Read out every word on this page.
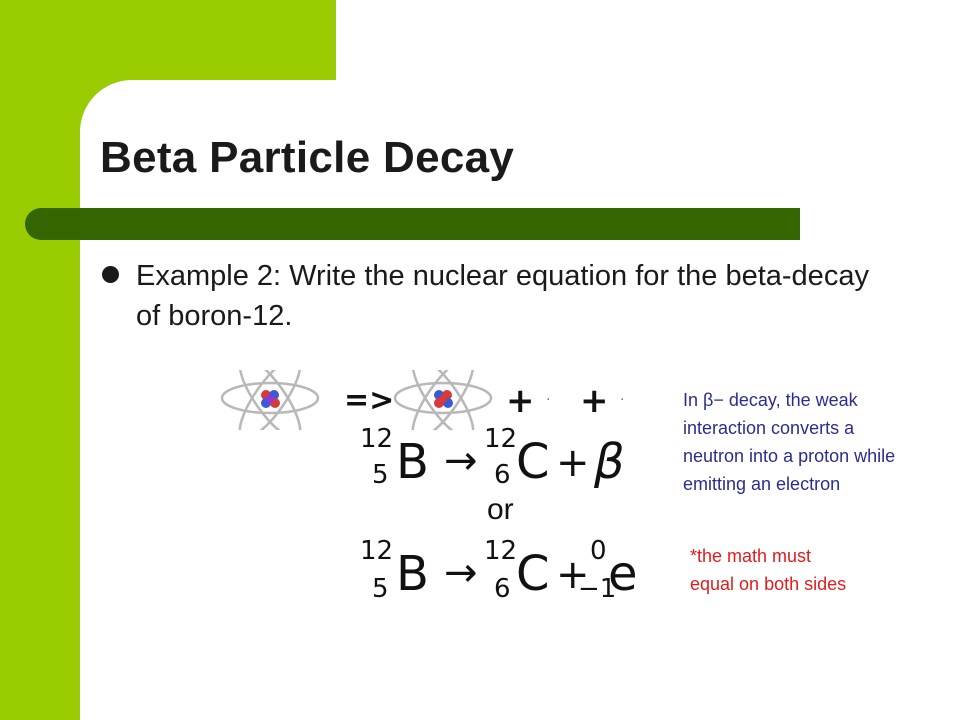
Beta Particle Decay

Example 2: Write the nuclear equation for the beta-decay of boron-12.

=>	+ · + ·
12
5 B → 12
6 C + β

or

12
5 B → 12
6 C +
0
−1
e

In β− decay, the weak interaction converts a neutron into a proton while emitting an electron

*the math must equal on both sides
